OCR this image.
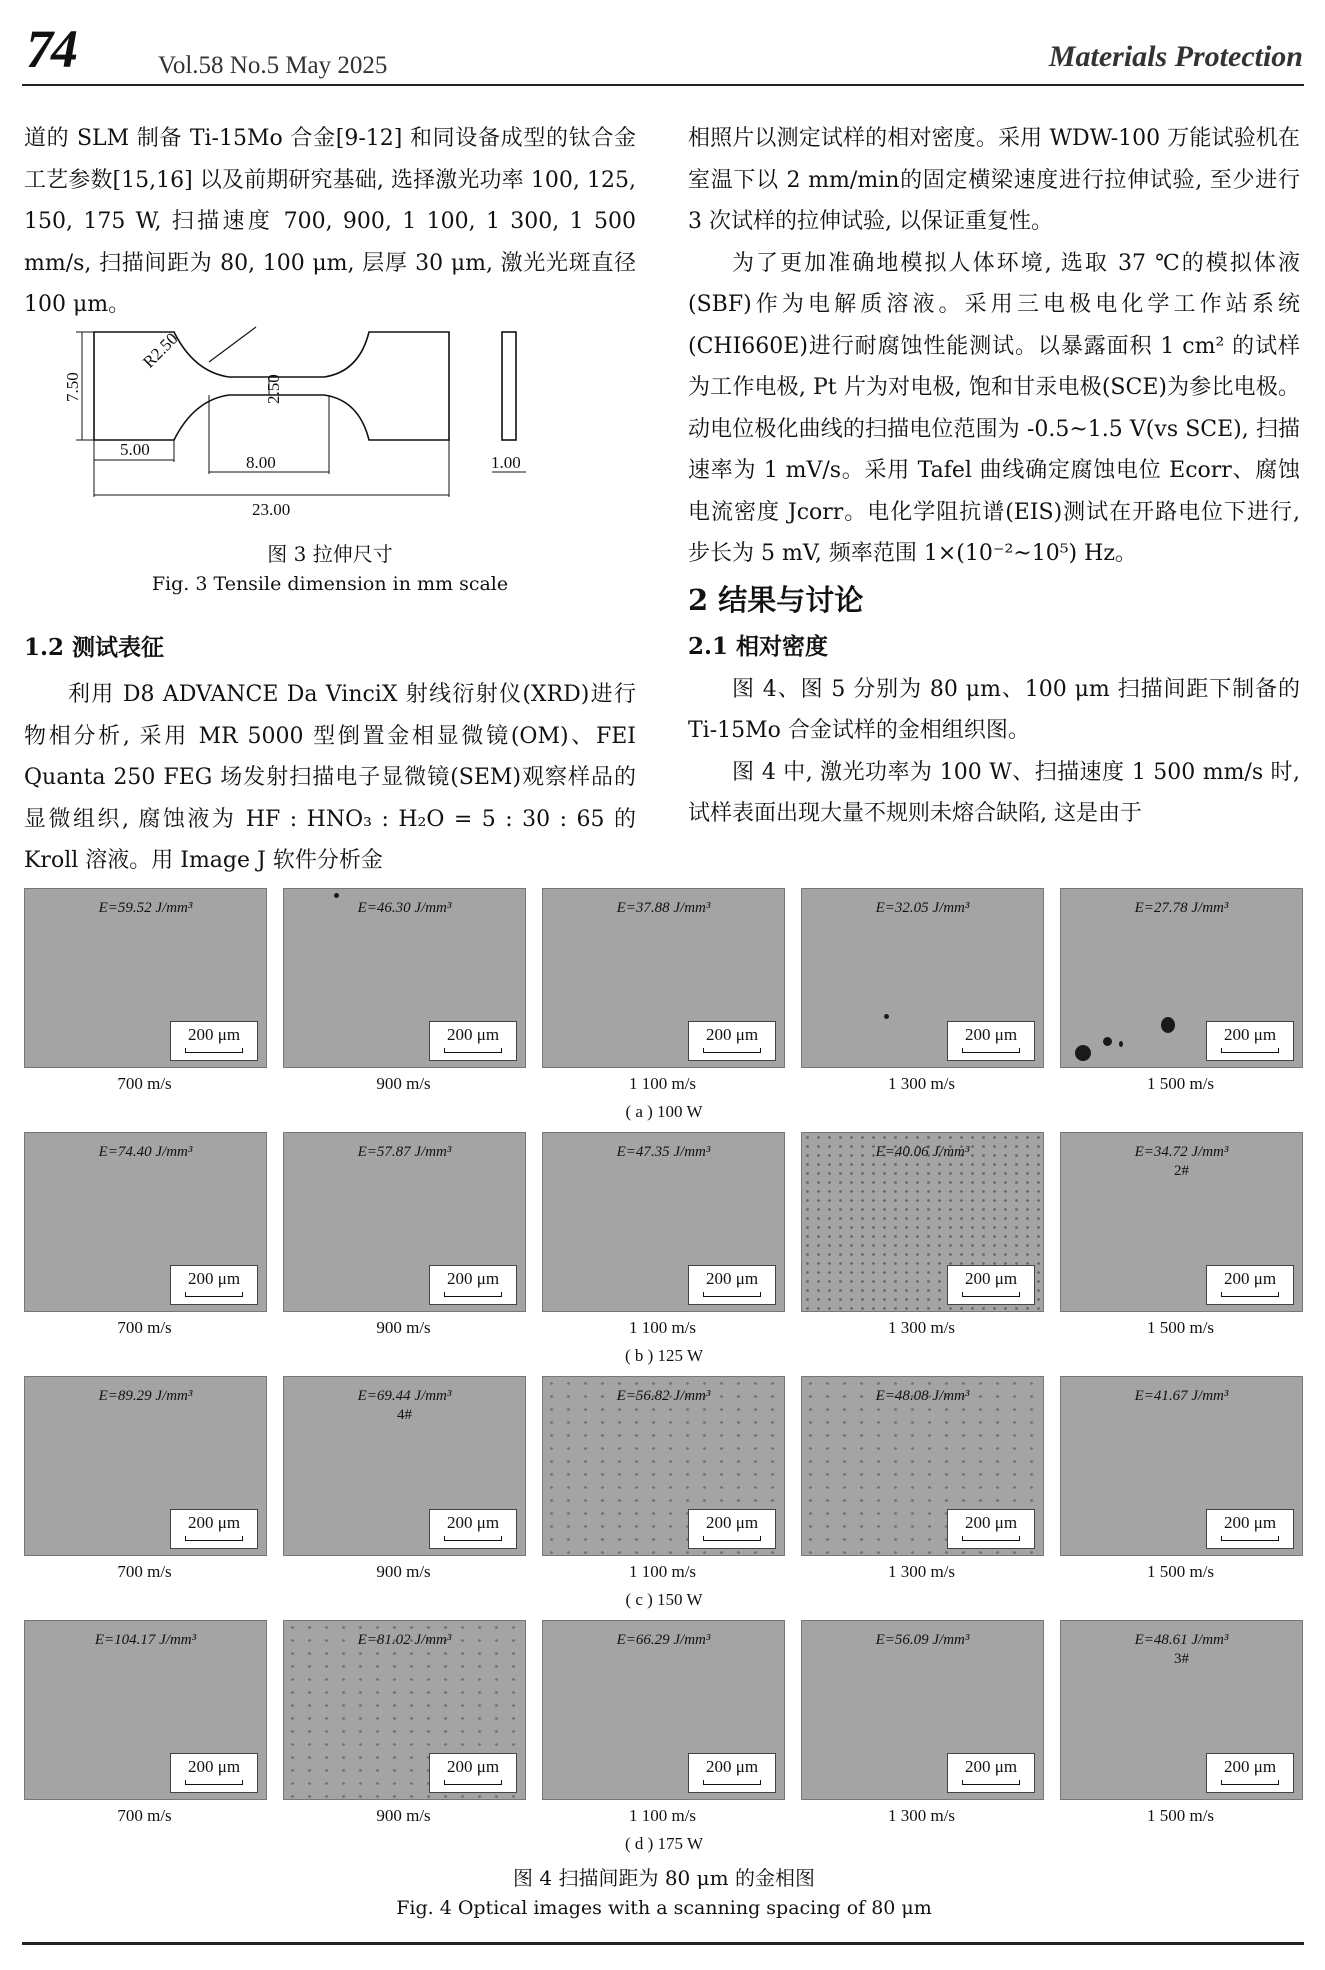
74	Vol.58 No.5 May 2025	Materials Protection

道的 SLM 制备 Ti-15Mo 合金[9-12] 和同设备成型的钛合金工艺参数[15,16] 以及前期研究基础, 选择激光功率 100, 125, 150, 175 W, 扫描速度 700, 900, 1 100, 1 300, 1 500 mm/s, 扫描间距为 80, 100 μm, 层厚 30 μm, 激光光斑直径 100 μm。

R2.50
7.50	2.50
5.00
8.00
23.00
1.00

图 3 拉伸尺寸

Fig. 3 Tensile dimension in mm scale

1.2 测试表征

利用 D8 ADVANCE Da VinciX 射线衍射仪(XRD)进行物相分析, 采用 MR 5000 型倒置金相显微镜(OM)、FEI Quanta 250 FEG 场发射扫描电子显微镜(SEM)观察样品的显微组织, 腐蚀液为 HF : HNO₃ : H₂O = 5 : 30 : 65 的 Kroll 溶液。用 Image J 软件分析金

相照片以测定试样的相对密度。采用 WDW-100 万能试验机在室温下以 2 mm/min的固定横梁速度进行拉伸试验, 至少进行 3 次试样的拉伸试验, 以保证重复性。

为了更加准确地模拟人体环境, 选取 37 ℃的模拟体液(SBF)作为电解质溶液。采用三电极电化学工作站系统(CHI660E)进行耐腐蚀性能测试。以暴露面积 1 cm² 的试样为工作电极, Pt 片为对电极, 饱和甘汞电极(SCE)为参比电极。动电位极化曲线的扫描电位范围为 -0.5~1.5 V(vs SCE), 扫描速率为 1 mV/s。采用 Tafel 曲线确定腐蚀电位 Ecorr、腐蚀电流密度 Jcorr。电化学阻抗谱(EIS)测试在开路电位下进行, 步长为 5 mV, 频率范围 1×(10⁻²~10⁵) Hz。

2 结果与讨论

2.1 相对密度

图 4、图 5 分别为 80 μm、100 μm 扫描间距下制备的 Ti-15Mo 合金试样的金相组织图。

图 4 中, 激光功率为 100 W、扫描速度 1 500 mm/s 时, 试样表面出现大量不规则未熔合缺陷, 这是由于

E=59.52 J/mm³
200 μm
700 m/s
E=46.30 J/mm³
200 μm
900 m/s
E=37.88 J/mm³
200 μm
1 100 m/s
E=32.05 J/mm³
200 μm
1 300 m/s
E=27.78 J/mm³
200 μm
1 500 m/s
( a ) 100 W
E=74.40 J/mm³
200 μm
700 m/s
E=57.87 J/mm³
200 μm
900 m/s
E=47.35 J/mm³
200 μm
1 100 m/s
E=40.06 J/mm³
200 μm
1 300 m/s
E=34.72 J/mm³
2#
200 μm
1 500 m/s
( b ) 125 W
E=89.29 J/mm³
200 μm
700 m/s
E=69.44 J/mm³
4#
200 μm
900 m/s
E=56.82 J/mm³
200 μm
1 100 m/s
E=48.08 J/mm³
200 μm
1 300 m/s
E=41.67 J/mm³
200 μm
1 500 m/s
( c ) 150 W
E=104.17 J/mm³
200 μm
700 m/s
E=81.02 J/mm³
200 μm
900 m/s
E=66.29 J/mm³
200 μm
1 100 m/s
E=56.09 J/mm³
200 μm
1 300 m/s
E=48.61 J/mm³
3#
200 μm
1 500 m/s
( d ) 175 W

图 4 扫描间距为 80 μm 的金相图

Fig. 4 Optical images with a scanning spacing of 80 μm
